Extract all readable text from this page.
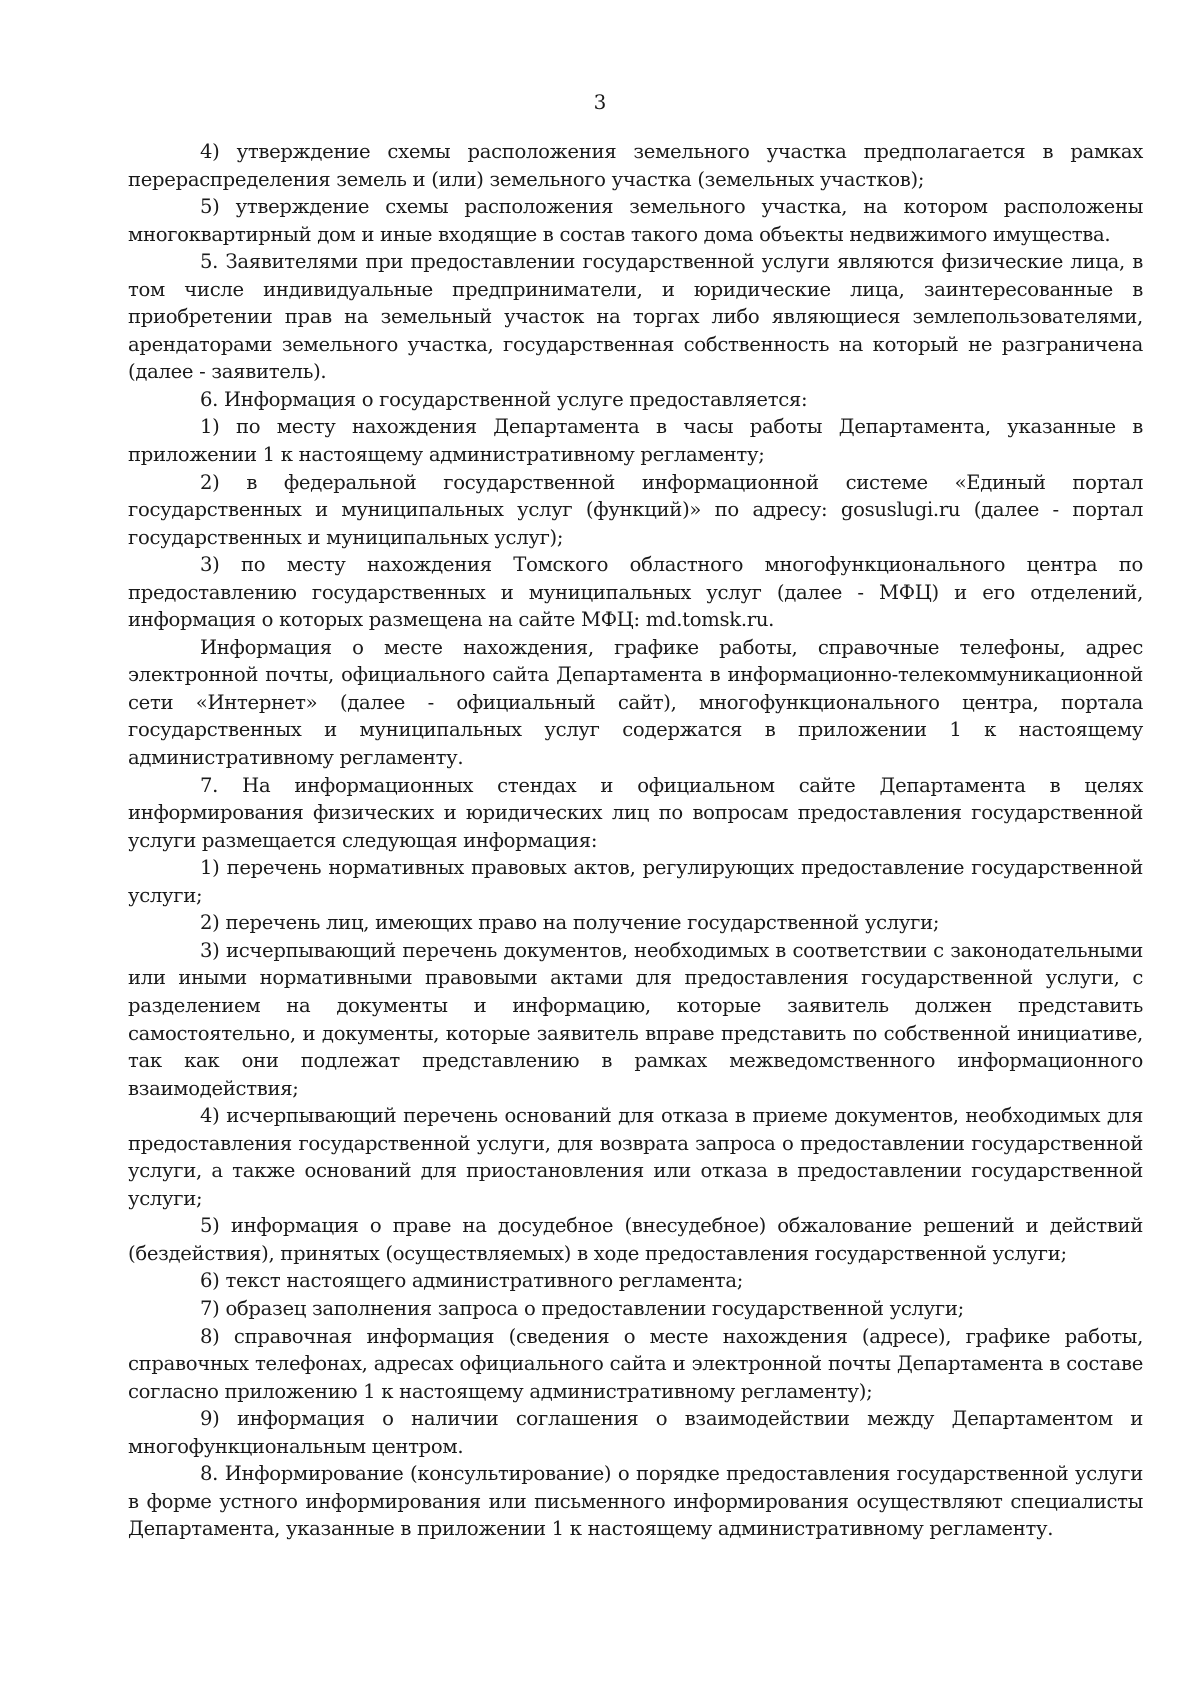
3

4) утверждение схемы расположения земельного участка предполагается в рамках перераспределения земель и (или) земельного участка (земельных участков);

5) утверждение схемы расположения земельного участка, на котором расположены многоквартирный дом и иные входящие в состав такого дома объекты недвижимого имущества.

5. Заявителями при предоставлении государственной услуги являются физические лица, в том числе индивидуальные предприниматели, и юридические лица, заинтересованные в приобретении прав на земельный участок на торгах либо являющиеся землепользователями, арендаторами земельного участка, государственная собственность на который не разграничена (далее - заявитель).

6. Информация о государственной услуге предоставляется:

1) по месту нахождения Департамента в часы работы Департамента, указанные в приложении 1 к настоящему административному регламенту;

2) в федеральной государственной информационной системе «Единый портал государственных и муниципальных услуг (функций)» по адресу: gosuslugi.ru (далее - портал государственных и муниципальных услуг);

3) по месту нахождения Томского областного многофункционального центра по предоставлению государственных и муниципальных услуг (далее - МФЦ) и его отделений, информация о которых размещена на сайте МФЦ: md.tomsk.ru.

Информация о месте нахождения, графике работы, справочные телефоны, адрес электронной почты, официального сайта Департамента в информационно-телекоммуникационной сети «Интернет» (далее - официальный сайт), многофункционального центра, портала государственных и муниципальных услуг содержатся в приложении 1 к настоящему административному регламенту.

7. На информационных стендах и официальном сайте Департамента в целях информирования физических и юридических лиц по вопросам предоставления государственной услуги размещается следующая информация:

1) перечень нормативных правовых актов, регулирующих предоставление государственной услуги;

2) перечень лиц, имеющих право на получение государственной услуги;

3) исчерпывающий перечень документов, необходимых в соответствии с законодательными или иными нормативными правовыми актами для предоставления государственной услуги, с разделением на документы и информацию, которые заявитель должен представить самостоятельно, и документы, которые заявитель вправе представить по собственной инициативе, так как они подлежат представлению в рамках межведомственного информационного взаимодействия;

4) исчерпывающий перечень оснований для отказа в приеме документов, необходимых для предоставления государственной услуги, для возврата запроса о предоставлении государственной услуги, а также оснований для приостановления или отказа в предоставлении государственной услуги;

5) информация о праве на досудебное (внесудебное) обжалование решений и действий (бездействия), принятых (осуществляемых) в ходе предоставления государственной услуги;

6) текст настоящего административного регламента;

7) образец заполнения запроса о предоставлении государственной услуги;

8) справочная информация (сведения о месте нахождения (адресе), графике работы, справочных телефонах, адресах официального сайта и электронной почты Департамента в составе согласно приложению 1 к настоящему административному регламенту);

9) информация о наличии соглашения о взаимодействии между Департаментом и многофункциональным центром.

8. Информирование (консультирование) о порядке предоставления государственной услуги в форме устного информирования или письменного информирования осуществляют специалисты Департамента, указанные в приложении 1 к настоящему административному регламенту.
